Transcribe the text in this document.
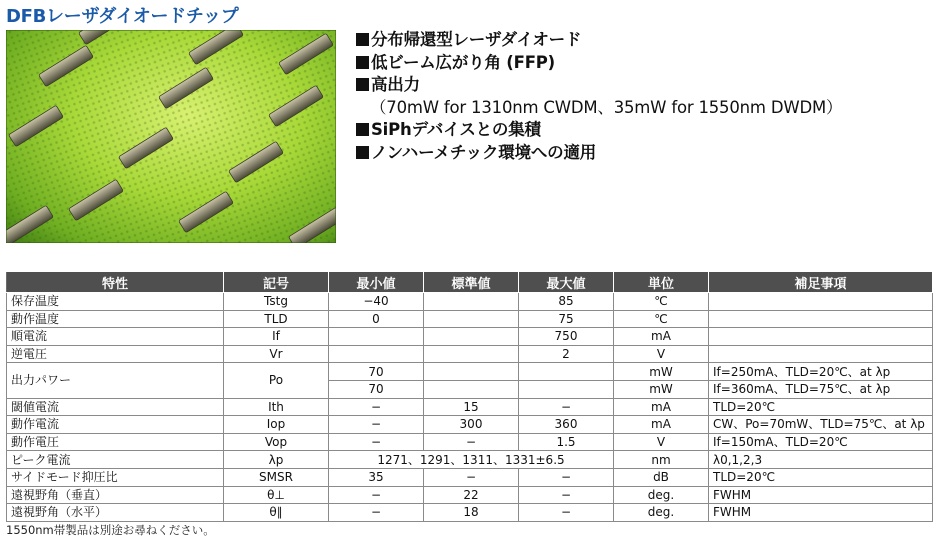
DFBレーザダイオードチップ
分布帰還型レーザダイオード
低ビーム広がり角 (FFP)
高出力
（70mW for 1310nm CWDM、35mW for 1550nm DWDM）
SiPhデバイスとの集積
ノンハーメチック環境への適用
特性	記号	最小値	標準値	最大値	単位	補足事項
保存温度	Tstg	−40		85	℃	
動作温度	TLD	0		75	℃	
順電流	If			750	mA	
逆電圧	Vr			2	V	
出力パワー	Po	70			mW	If=250mA、TLD=20℃、at λp
		70			mW	If=360mA、TLD=75℃、at λp
閾値電流	Ith	−	15	−	mA	TLD=20℃
動作電流	Iop	−	300	360	mA	CW、Po=70mW、TLD=75℃、at λp
動作電圧	Vop	−	−	1.5	V	If=150mA、TLD=20℃
ピーク電流	λp	1271、1291、1311、1331±6.5			nm	λ0,1,2,3
サイドモード抑圧比	SMSR	35	−	−	dB	TLD=20℃
遠視野角（垂直）	θ⊥	−	22	−	deg.	FWHM
遠視野角（水平）	θ∥	−	18	−	deg.	FWHM
1550nm帯製品は別途お尋ねください。
